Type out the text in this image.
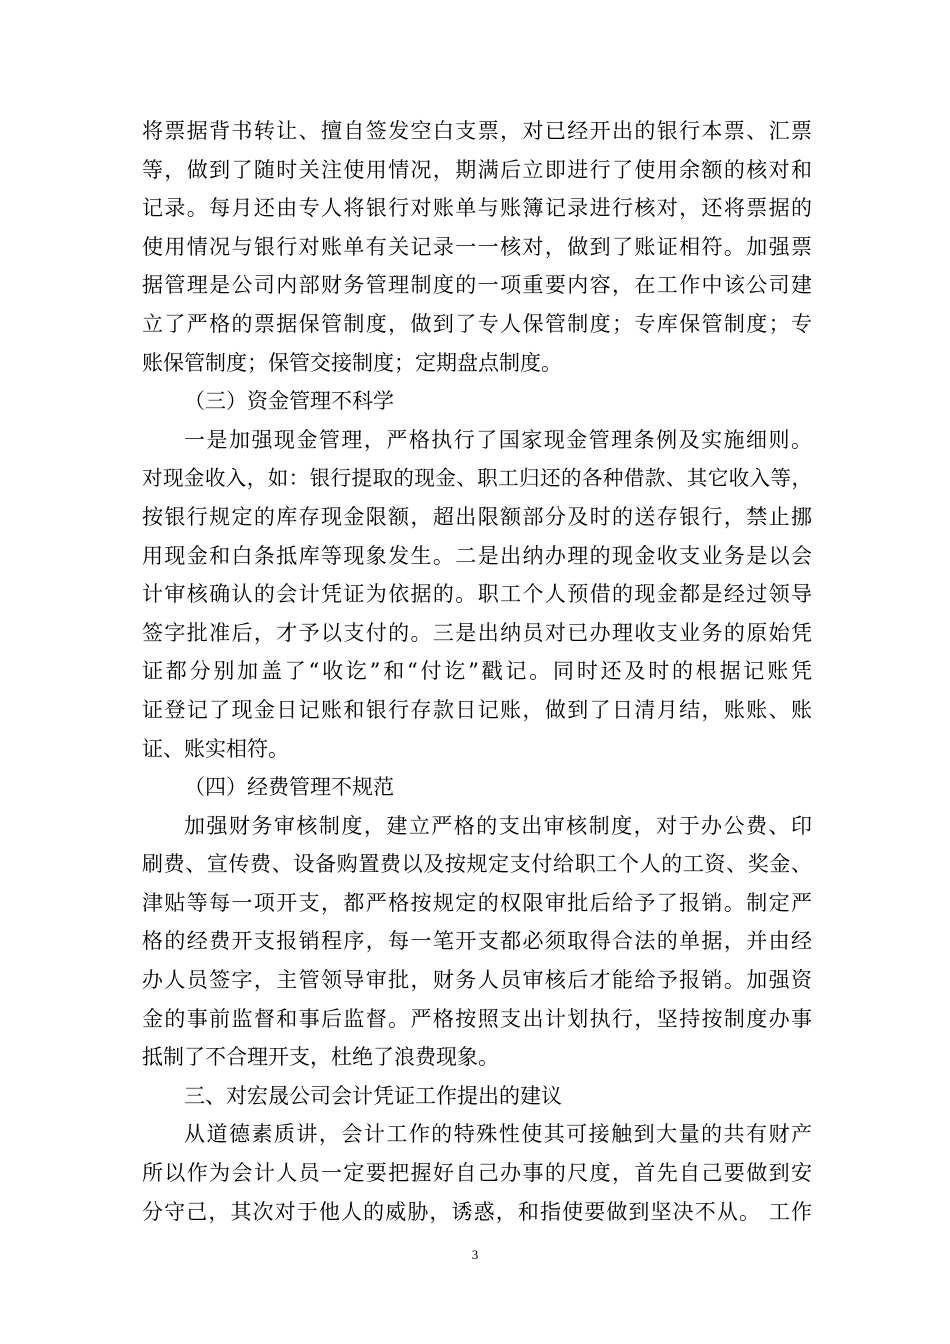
将票据背书转让、擅自签发空白支票，对已经开出的银行本票、汇票
等，做到了随时关注使用情况，期满后立即进行了使用余额的核对和
记录。每月还由专人将银行对账单与账簿记录进行核对，还将票据的
使用情况与银行对账单有关记录一一核对，做到了账证相符。加强票
据管理是公司内部财务管理制度的一项重要内容，在工作中该公司建
立了严格的票据保管制度，做到了专人保管制度；专库保管制度；专
账保管制度；保管交接制度；定期盘点制度。
（三）资金管理不科学
一是加强现金管理，严格执行了国家现金管理条例及实施细则。
对现金收入，如：银行提取的现金、职工归还的各种借款、其它收入等，
按银行规定的库存现金限额，超出限额部分及时的送存银行，禁止挪
用现金和白条抵库等现象发生。二是出纳办理的现金收支业务是以会
计审核确认的会计凭证为依据的。职工个人预借的现金都是经过领导
签字批准后，才予以支付的。三是出纳员对已办理收支业务的原始凭
证都分别加盖了“收讫”和“付讫”戳记。同时还及时的根据记账凭
证登记了现金日记账和银行存款日记账，做到了日清月结，账账、账
证、账实相符。
（四）经费管理不规范
加强财务审核制度，建立严格的支出审核制度，对于办公费、印
刷费、宣传费、设备购置费以及按规定支付给职工个人的工资、奖金、
津贴等每一项开支，都严格按规定的权限审批后给予了报销。制定严
格的经费开支报销程序，每一笔开支都必须取得合法的单据，并由经
办人员签字，主管领导审批，财务人员审核后才能给予报销。加强资
金的事前监督和事后监督。严格按照支出计划执行，坚持按制度办事
抵制了不合理开支，杜绝了浪费现象。
三、对宏晟公司会计凭证工作提出的建议
从道德素质讲，会计工作的特殊性使其可接触到大量的共有财产
所以作为会计人员一定要把握好自己办事的尺度，首先自己要做到安
分守己，其次对于他人的威胁，诱惑，和指使要做到坚决不从。 工作
3
